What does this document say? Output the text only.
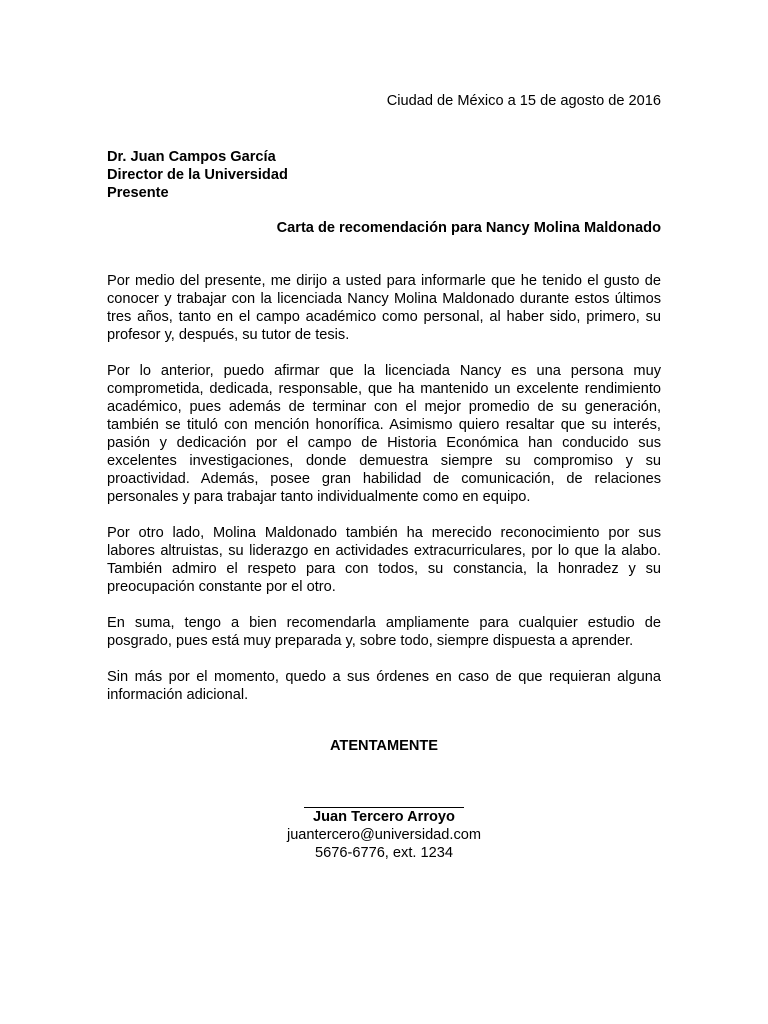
Ciudad de México a 15 de agosto de 2016
Dr. Juan Campos García
Director de la Universidad
Presente
Carta de recomendación para Nancy Molina Maldonado

Por medio del presente, me dirijo a usted para informarle que he tenido el gusto de conocer y trabajar con la licenciada Nancy Molina Maldonado durante estos últimos tres años, tanto en el campo académico como personal, al haber sido, primero, su profesor y, después, su tutor de tesis.

Por lo anterior, puedo afirmar que la licenciada Nancy es una persona muy comprometida, dedicada, responsable, que ha mantenido un excelente rendimiento académico, pues además de terminar con el mejor promedio de su generación, también se tituló con mención honorífica. Asimismo quiero resaltar que su interés, pasión y dedicación por el campo de Historia Económica han conducido sus excelentes investigaciones, donde demuestra siempre su compromiso y su proactividad. Además, posee gran habilidad de comunicación, de relaciones personales y para trabajar tanto individualmente como en equipo.

Por otro lado, Molina Maldonado también ha merecido reconocimiento por sus labores altruistas, su liderazgo en actividades extracurriculares, por lo que la alabo. También admiro el respeto para con todos, su constancia, la honradez y su preocupación constante por el otro.

En suma, tengo a bien recomendarla ampliamente para cualquier estudio de posgrado, pues está muy preparada y, sobre todo, siempre dispuesta a aprender.

Sin más por el momento, quedo a sus órdenes en caso de que requieran alguna información adicional.

ATENTAMENTE
Juan Tercero Arroyo
juantercero@universidad.com
5676-6776, ext. 1234
